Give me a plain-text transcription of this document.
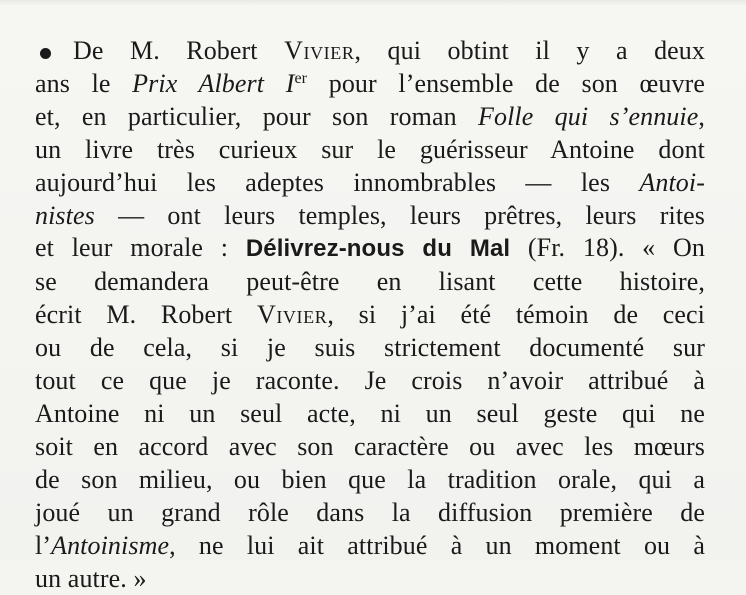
De M. Robert Vivier, qui obtint il y a deux
ans le Prix Albert Ier pour l’ensemble de son œuvre
et, en particulier, pour son roman Folle qui s’ennuie,
un livre très curieux sur le guérisseur Antoine dont
aujourd’hui les adeptes innombrables — les Antoi-
nistes — ont leurs temples, leurs prêtres, leurs rites
et leur morale : Délivrez-nous du Mal (Fr. 18). « On
se demandera peut-être en lisant cette histoire,
écrit M. Robert Vivier, si j’ai été témoin de ceci
ou de cela, si je suis strictement documenté sur
tout ce que je raconte. Je crois n’avoir attribué à
Antoine ni un seul acte, ni un seul geste qui ne
soit en accord avec son caractère ou avec les mœurs
de son milieu, ou bien que la tradition orale, qui a
joué un grand rôle dans la diffusion première de
l’Antoinisme, ne lui ait attribué à un moment ou à
un autre. »
